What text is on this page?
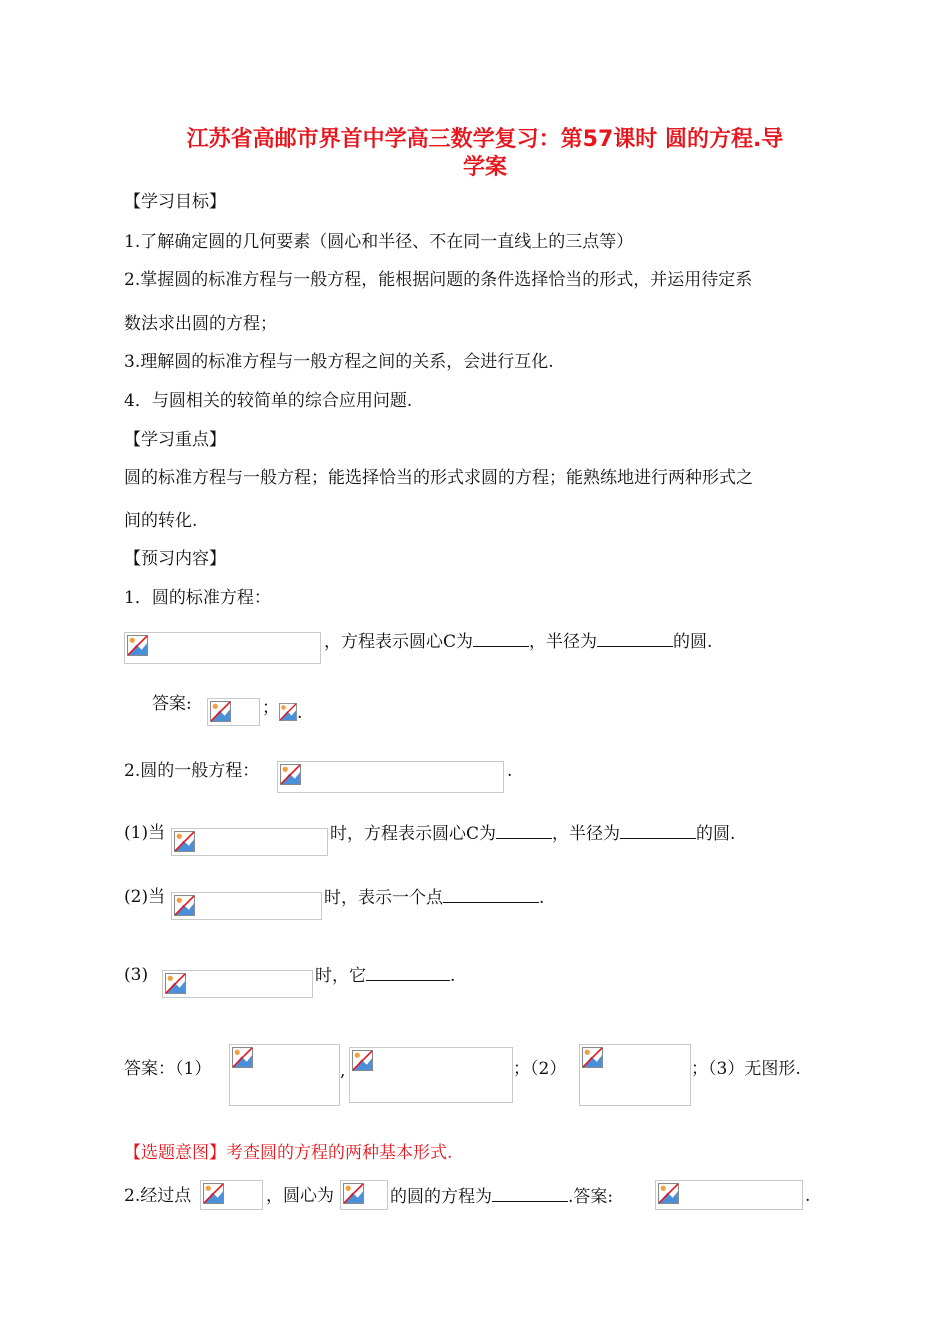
江苏省高邮市界首中学高三数学复习：第57课时 圆的方程.导
学案
【学习目标】
1.了解确定圆的几何要素（圆心和半径、不在同一直线上的三点等）
2.掌握圆的标准方程与一般方程，能根据问题的条件选择恰当的形式，并运用待定系
数法求出圆的方程；
3.理解圆的标准方程与一般方程之间的关系，会进行互化.
4．与圆相关的较简单的综合应用问题.
【学习重点】
圆的标准方程与一般方程；能选择恰当的形式求圆的方程；能熟练地进行两种形式之
间的转化.
【预习内容】
1．圆的标准方程：
，方程表示圆心C为	，半径为	的圆.
答案:	； .
2.圆的一般方程：	.
(1)当	时，方程表示圆心C为	，半径为	的圆.
(2)当	时，表示一个点	.
(3)	时，它	.
答案：（1）	,	；（2）	；（3）无图形.
【选题意图】考查圆的方程的两种基本形式.
2.经过点	，圆心为	的圆的方程为	.答案:	.
